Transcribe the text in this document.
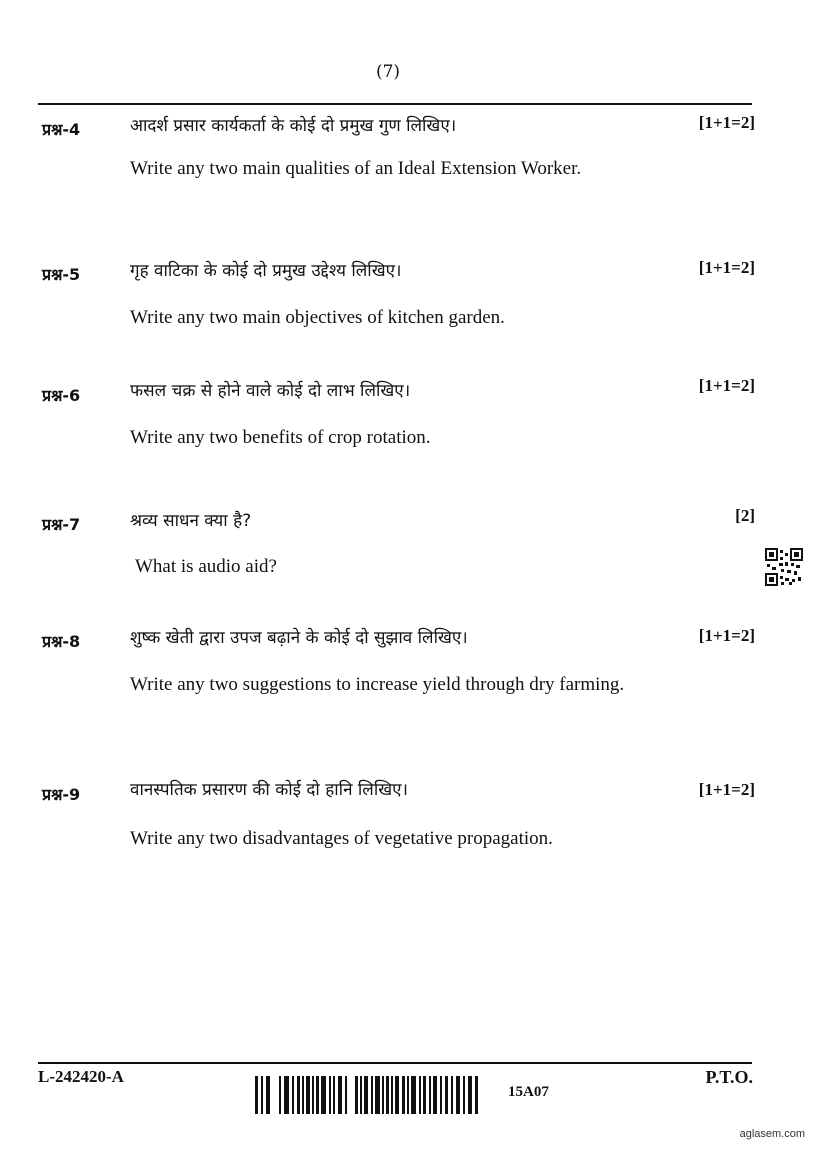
(7)
प्रश्न-4	आदर्श प्रसार कार्यकर्ता के कोई दो प्रमुख गुण लिखिए।	[1+1=2]
Write any two main qualities of an Ideal Extension Worker.
प्रश्न-5	गृह वाटिका के कोई दो प्रमुख उद्देश्य लिखिए।	[1+1=2]
Write any two main objectives of kitchen garden.
प्रश्न-6	फसल चक्र से होने वाले कोई दो लाभ लिखिए।	[1+1=2]
Write any two benefits of crop rotation.
प्रश्न-7	श्रव्य साधन क्या है?	[2]
What is audio aid?
प्रश्न-8	शुष्क खेती द्वारा उपज बढ़ाने के कोई दो सुझाव लिखिए।	[1+1=2]
Write any two suggestions to increase yield through dry farming.
प्रश्न-9	वानस्पतिक प्रसारण की कोई दो हानि लिखिए।	[1+1=2]
Write any two disadvantages of vegetative propagation.
L-242420-A
15A07
P.T.O.
aglasem.com
